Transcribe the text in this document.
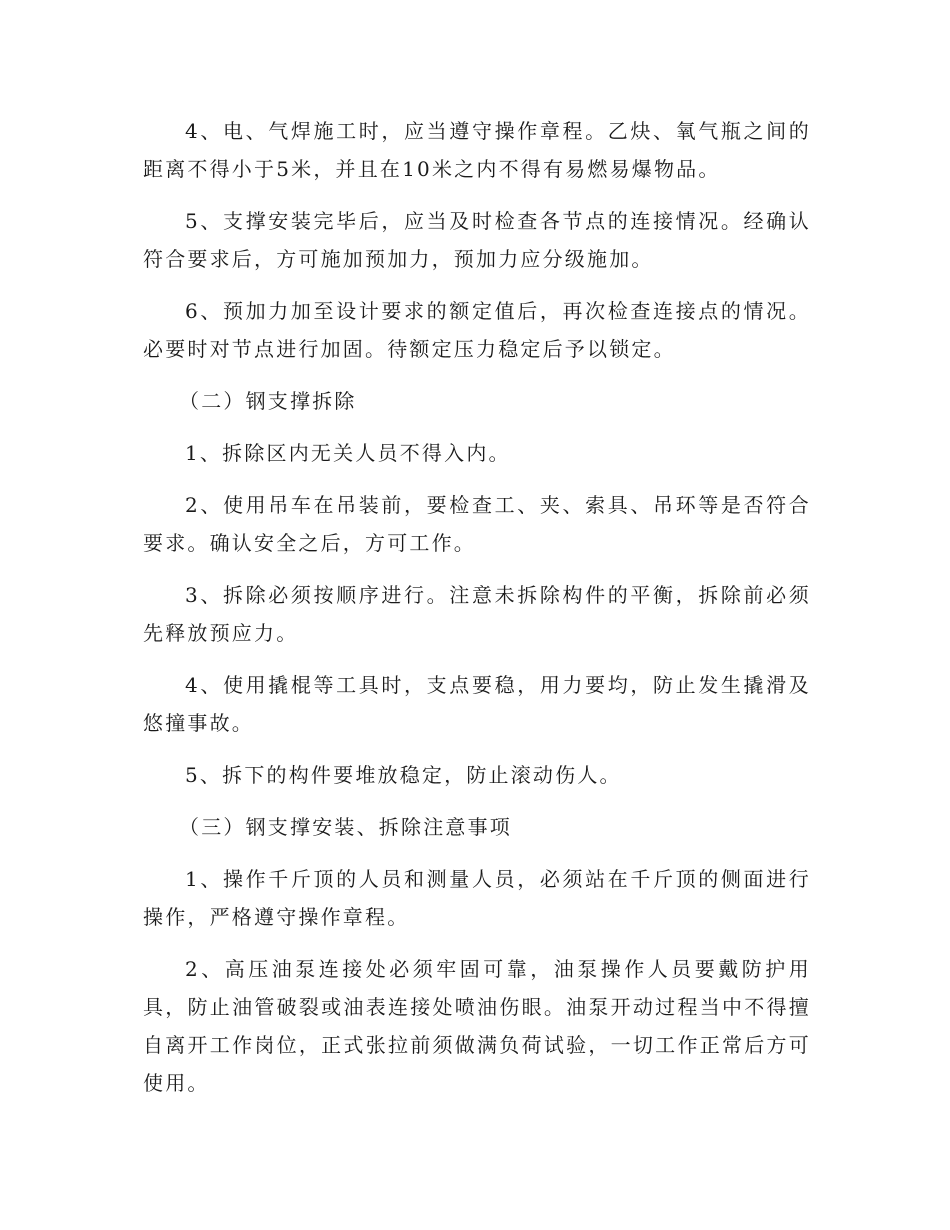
4、电、气焊施工时，应当遵守操作章程。乙炔、氧气瓶之间的距离不得小于5米，并且在10米之内不得有易燃易爆物品。

5、支撑安装完毕后，应当及时检查各节点的连接情况。经确认符合要求后，方可施加预加力，预加力应分级施加。

6、预加力加至设计要求的额定值后，再次检查连接点的情况。必要时对节点进行加固。待额定压力稳定后予以锁定。

（二）钢支撑拆除

1、拆除区内无关人员不得入内。

2、使用吊车在吊装前，要检查工、夹、索具、吊环等是否符合要求。确认安全之后，方可工作。

3、拆除必须按顺序进行。注意未拆除构件的平衡，拆除前必须先释放预应力。

4、使用撬棍等工具时，支点要稳，用力要均，防止发生撬滑及悠撞事故。

5、拆下的构件要堆放稳定，防止滚动伤人。

（三）钢支撑安装、拆除注意事项

1、操作千斤顶的人员和测量人员，必须站在千斤顶的侧面进行操作，严格遵守操作章程。

2、高压油泵连接处必须牢固可靠，油泵操作人员要戴防护用具，防止油管破裂或油表连接处喷油伤眼。油泵开动过程当中不得擅自离开工作岗位，正式张拉前须做满负荷试验，一切工作正常后方可使用。
